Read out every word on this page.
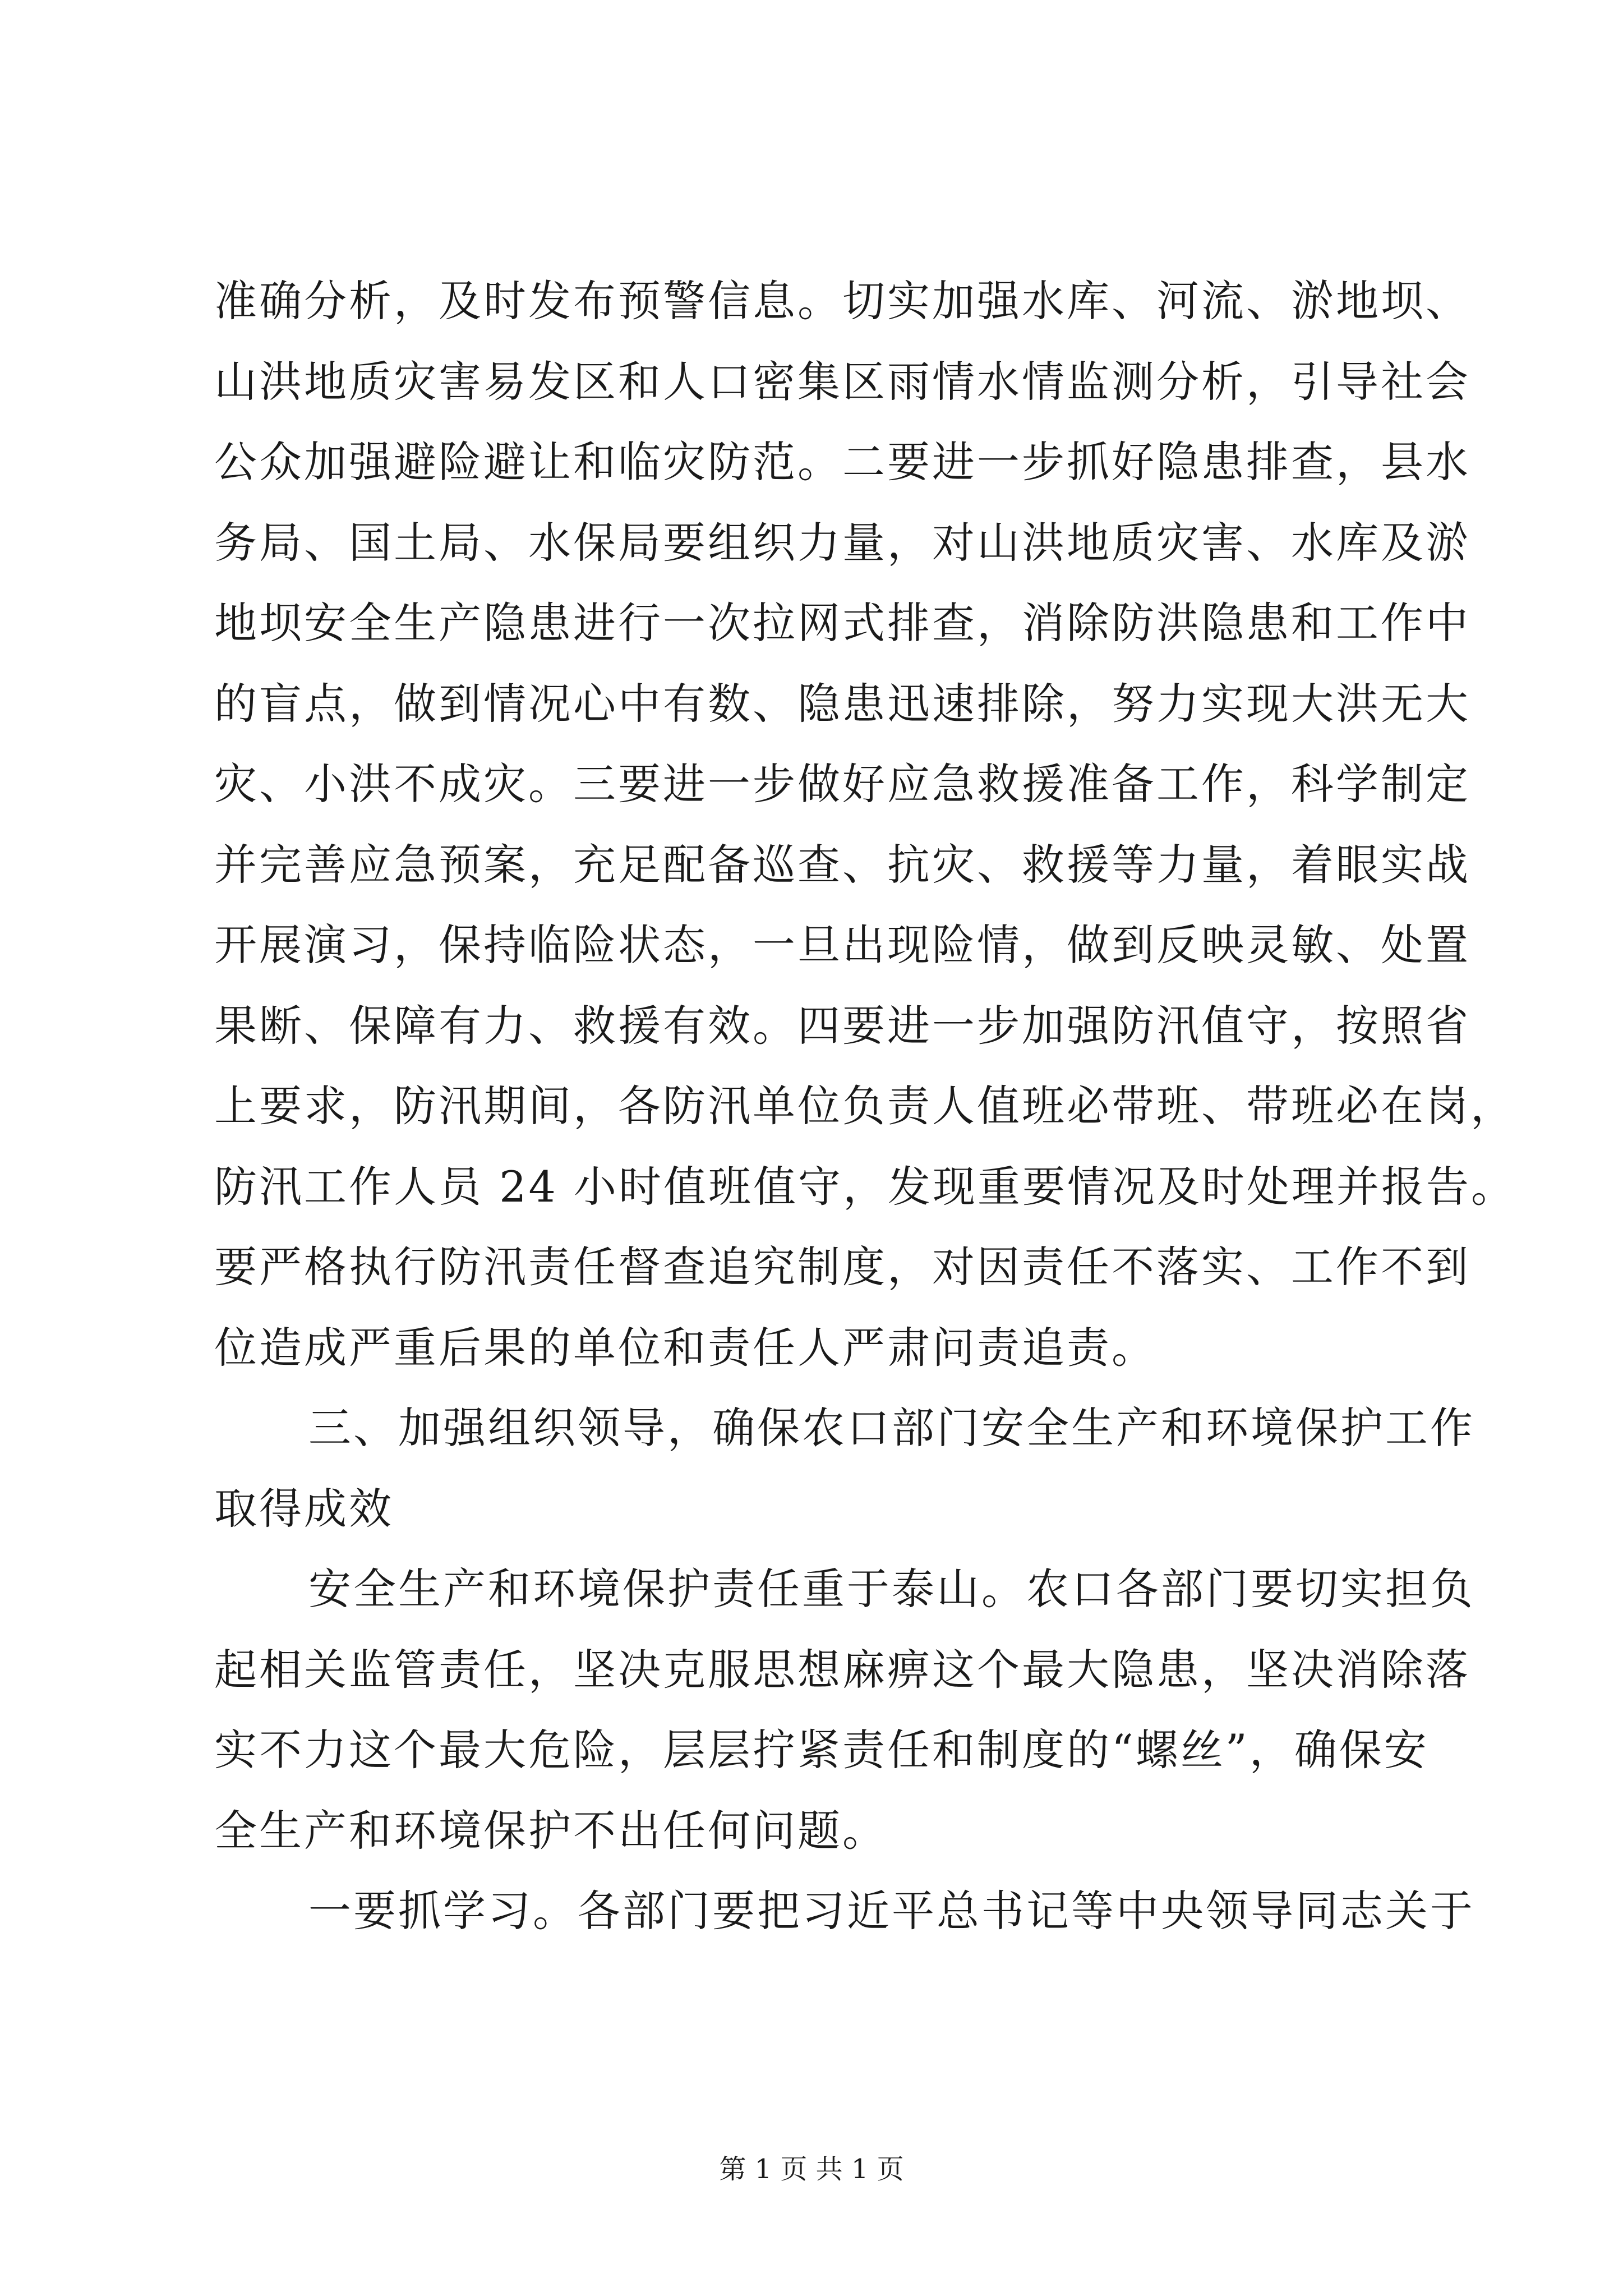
准确分析，及时发布预警信息。切实加强水库、河流、淤地坝、
山洪地质灾害易发区和人口密集区雨情水情监测分析，引导社会
公众加强避险避让和临灾防范。二要进一步抓好隐患排查，县水
务局、国土局、水保局要组织力量，对山洪地质灾害、水库及淤
地坝安全生产隐患进行一次拉网式排查，消除防洪隐患和工作中
的盲点，做到情况心中有数、隐患迅速排除，努力实现大洪无大
灾、小洪不成灾。三要进一步做好应急救援准备工作，科学制定
并完善应急预案，充足配备巡查、抗灾、救援等力量，着眼实战
开展演习，保持临险状态，一旦出现险情，做到反映灵敏、处置
果断、保障有力、救援有效。四要进一步加强防汛值守，按照省
上要求，防汛期间，各防汛单位负责人值班必带班、带班必在岗，
防汛工作人员 24 小时值班值守，发现重要情况及时处理并报告。
要严格执行防汛责任督查追究制度，对因责任不落实、工作不到
位造成严重后果的单位和责任人严肃问责追责。
三、加强组织领导，确保农口部门安全生产和环境保护工作
取得成效
安全生产和环境保护责任重于泰山。农口各部门要切实担负
起相关监管责任，坚决克服思想麻痹这个最大隐患，坚决消除落
实不力这个最大危险，层层拧紧责任和制度的“螺丝”，确保安
全生产和环境保护不出任何问题。
一要抓学习。各部门要把习近平总书记等中央领导同志关于
第 1 页 共 1 页
